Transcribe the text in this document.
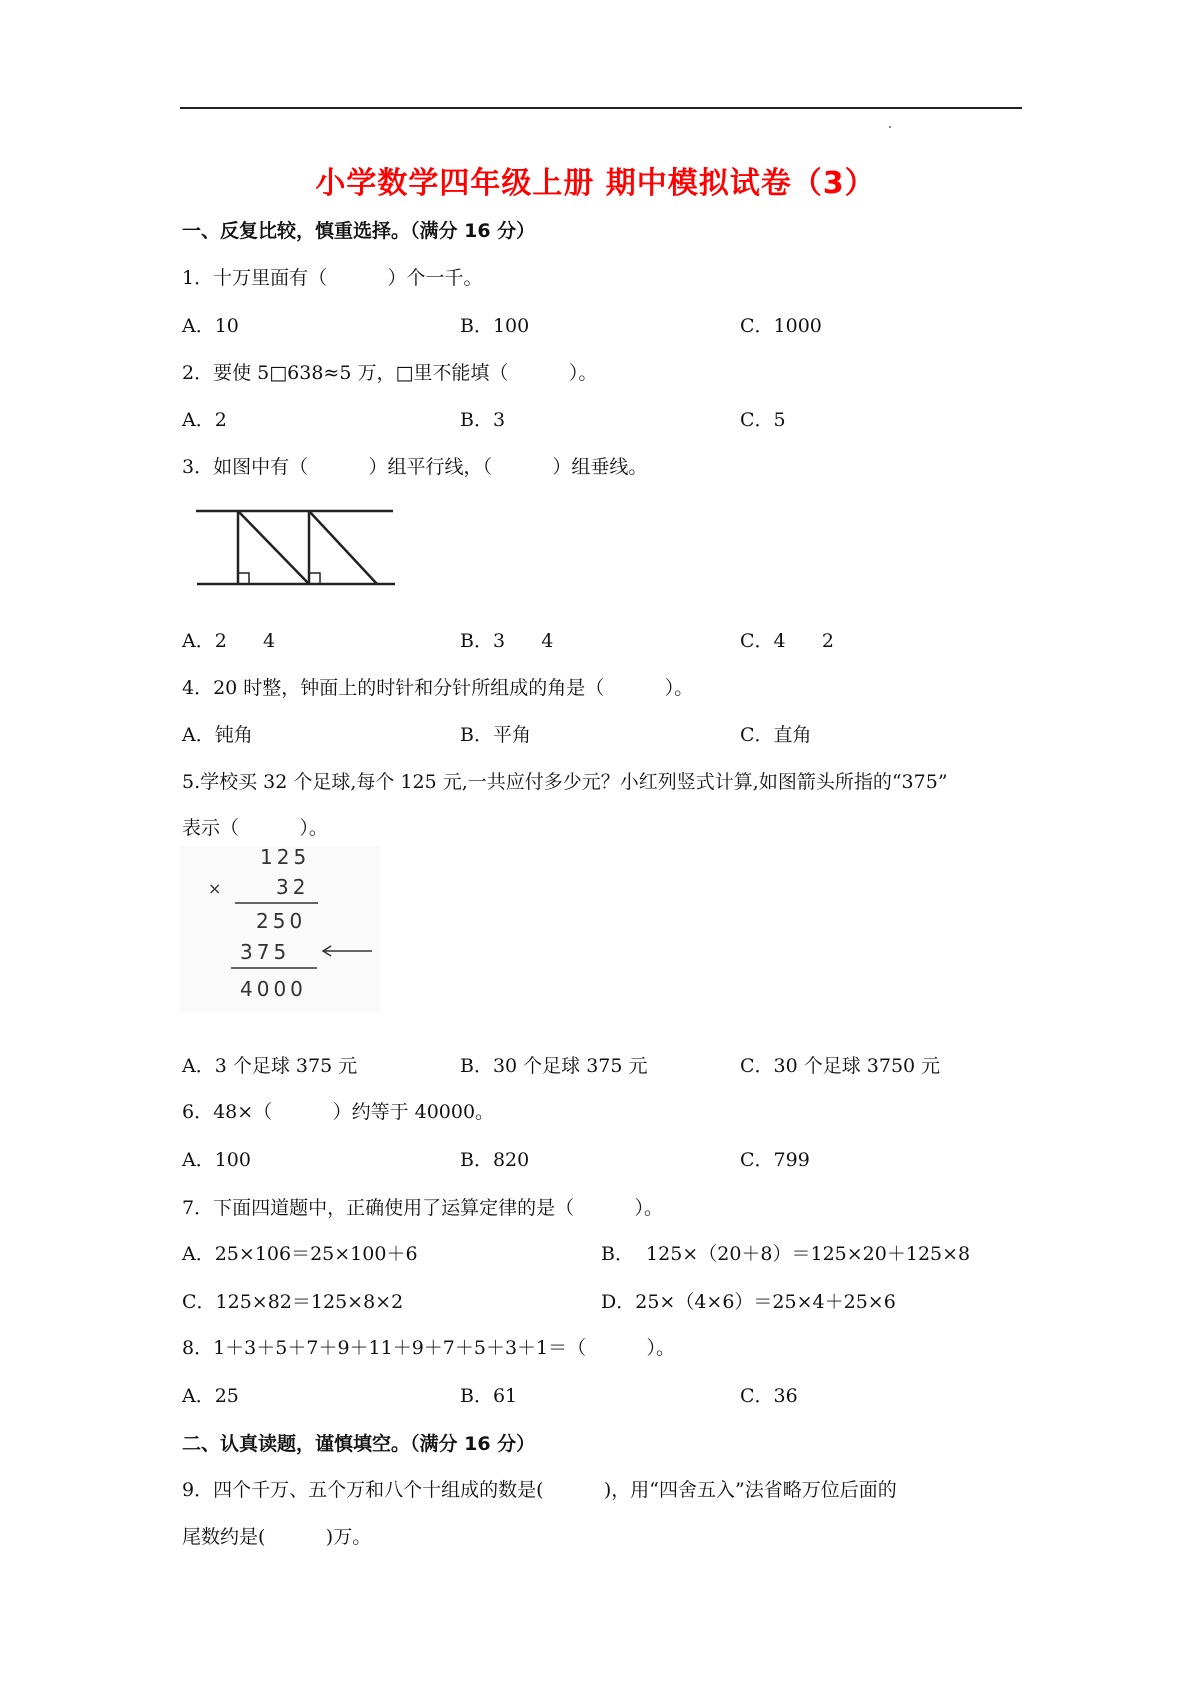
小学数学四年级上册 期中模拟试卷（3）
一、反复比较，慎重选择。（满分 16 分）
1．十万里面有（          ）个一千。
A．10	B．100	C．1000
2．要使 5□638≈5 万，□里不能填（          ）。
A．2	B．3	C．5
3．如图中有（          ）组平行线，（          ）组垂线。
A．2      4	B．3      4	C．4      2
4．20 时整，钟面上的时针和分针所组成的角是（          ）。
A．钝角	B．平角	C．直角
5.学校买 32 个足球,每个 125 元,一共应付多少元？小红列竖式计算,如图箭头所指的“375”
表示（          ）。
125
×	32
250
375
4000
A．3 个足球 375 元	B．30 个足球 375 元	C．30 个足球 3750 元
6．48×（          ）约等于 40000。
A．100	B．820	C．799
7．下面四道题中，正确使用了运算定律的是（          ）。
A．25×106＝25×100＋6	B．  125×（20＋8）＝125×20＋125×8
C．125×82＝125×8×2	D．25×（4×6）＝25×4＋25×6
8．1＋3＋5＋7＋9＋11＋9＋7＋5＋3＋1＝（          ）。
A．25	B．61	C．36
二、认真读题，谨慎填空。（满分 16 分）
9．四个千万、五个万和八个十组成的数是(          )，用“四舍五入”法省略万位后面的
尾数约是(          )万。
